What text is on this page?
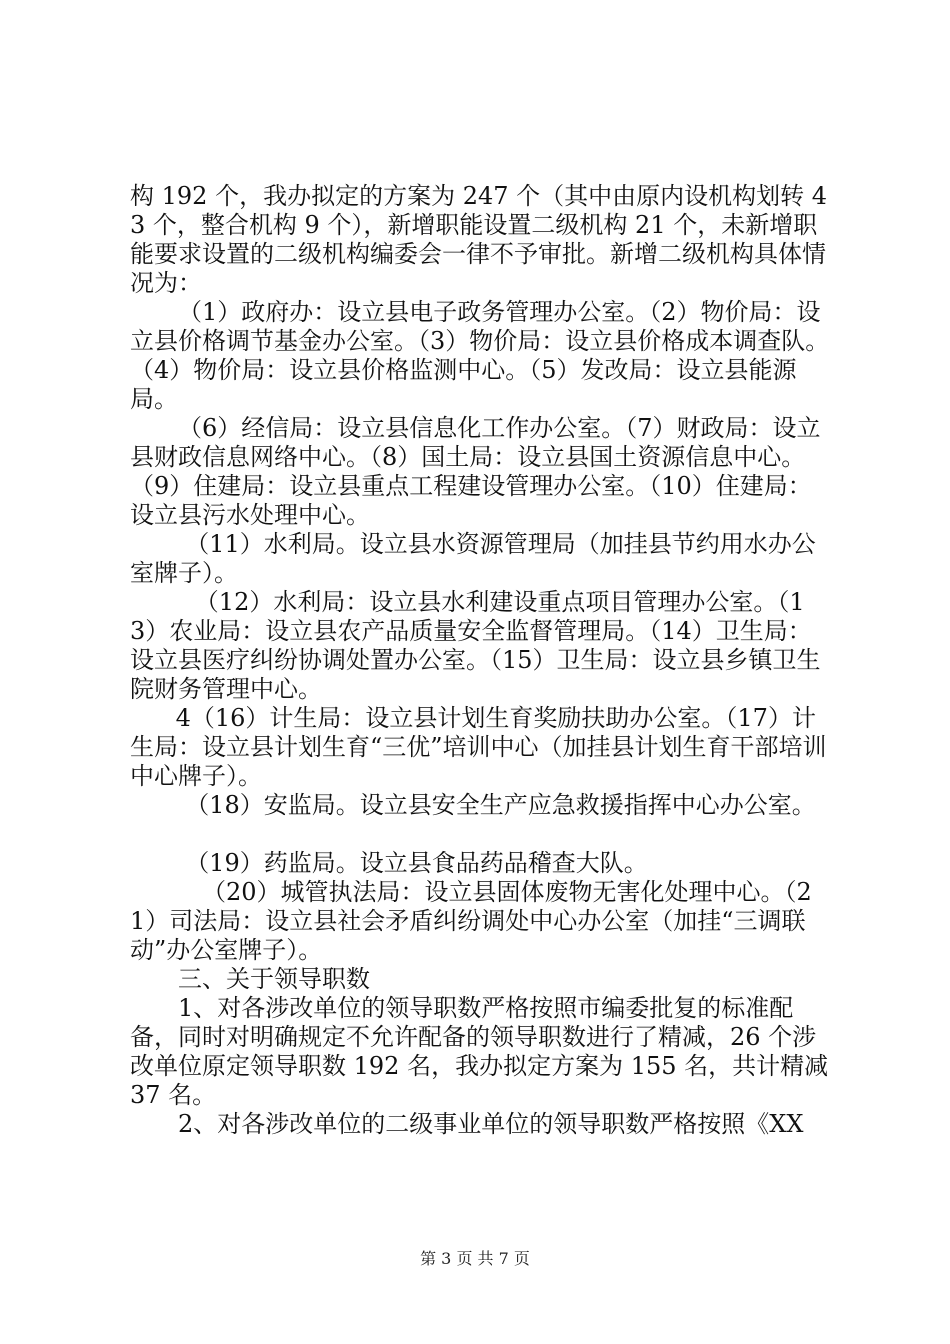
构 192 个，我办拟定的方案为 247 个（其中由原内设机构划转 43 个，整合机构 9 个），新增职能设置二级机构 21 个，未新增职能要求设置的二级机构编委会一律不予审批。新增二级机构具体情况为：

（1）政府办：设立县电子政务管理办公室。（2）物价局：设立县价格调节基金办公室。（3）物价局：设立县价格成本调查队。（4）物价局：设立县价格监测中心。（5）发改局：设立县能源局。

（6）经信局：设立县信息化工作办公室。（7）财政局：设立县财政信息网络中心。（8）国土局：设立县国土资源信息中心。（9）住建局：设立县重点工程建设管理办公室。（10）住建局：设立县污水处理中心。

（11）水利局。设立县水资源管理局（加挂县节约用水办公室牌子）。

（12）水利局：设立县水利建设重点项目管理办公室。（13）农业局：设立县农产品质量安全监督管理局。（14）卫生局：设立县医疗纠纷协调处置办公室。（15）卫生局：设立县乡镇卫生院财务管理中心。

4（16）计生局：设立县计划生育奖励扶助办公室。（17）计生局：设立县计划生育“三优”培训中心（加挂县计划生育干部培训中心牌子）。

（18）安监局。设立县安全生产应急救援指挥中心办公室。

（19）药监局。设立县食品药品稽查大队。

（20）城管执法局：设立县固体废物无害化处理中心。（21）司法局：设立县社会矛盾纠纷调处中心办公室（加挂“三调联动”办公室牌子）。

三、关于领导职数

1、对各涉改单位的领导职数严格按照市编委批复的标准配备，同时对明确规定不允许配备的领导职数进行了精减，26 个涉改单位原定领导职数 192 名，我办拟定方案为 155 名，共计精减 37 名。

2、对各涉改单位的二级事业单位的领导职数严格按照《XX

第 3 页 共 7 页
